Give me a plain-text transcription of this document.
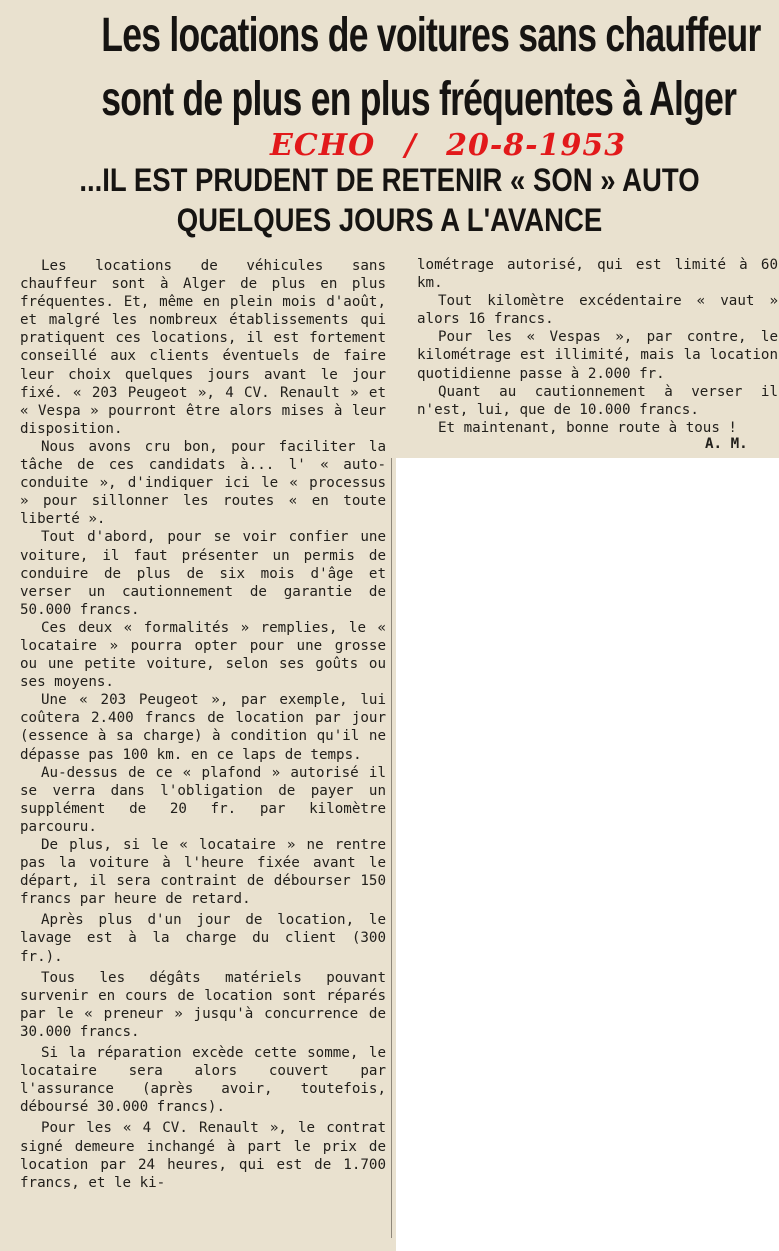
Les locations de voitures sans chauffeur
sont de plus en plus fréquentes à Alger
ECHO / 20-8-1953
...IL EST PRUDENT DE RETENIR « SON » AUTO
QUELQUES JOURS A L'AVANCE

Les locations de véhicules sans chauffeur sont à Alger de plus en plus fréquentes. Et, même en plein mois d'août, et malgré les nombreux établissements qui pratiquent ces locations, il est fortement conseillé aux clients éventuels de faire leur choix quelques jours avant le jour fixé. « 203 Peugeot », 4 CV. Renault » et « Vespa » pourront être alors mises à leur disposition.

Nous avons cru bon, pour faciliter la tâche de ces candidats à... l' « auto-conduite », d'indiquer ici le « processus » pour sillonner les routes « en toute liberté ».

Tout d'abord, pour se voir confier une voiture, il faut présenter un permis de conduire de plus de six mois d'âge et verser un cautionnement de garantie de 50.000 francs.

Ces deux « formalités » remplies, le « locataire » pourra opter pour une grosse ou une petite voiture, selon ses goûts ou ses moyens.

Une « 203 Peugeot », par exemple, lui coûtera 2.400 francs de location par jour (essence à sa charge) à condition qu'il ne dépasse pas 100 km. en ce laps de temps.

Au-dessus de ce « plafond » autorisé il se verra dans l'obligation de payer un supplément de 20 fr. par kilomètre parcouru.

De plus, si le « locataire » ne rentre pas la voiture à l'heure fixée avant le départ, il sera contraint de débourser 150 francs par heure de retard.

Après plus d'un jour de location, le lavage est à la charge du client (300 fr.).

Tous les dégâts matériels pouvant survenir en cours de location sont réparés par le « preneur » jusqu'à concurrence de 30.000 francs.

Si la réparation excède cette somme, le locataire sera alors couvert par l'assurance (après avoir, toutefois, déboursé 30.000 francs).

Pour les « 4 CV. Renault », le contrat signé demeure inchangé à part le prix de location par 24 heures, qui est de 1.700 francs, et le ki-

lométrage autorisé, qui est limité à 60 km.

Tout kilomètre excédentaire « vaut » alors 16 francs.

Pour les « Vespas », par contre, le kilométrage est illimité, mais la location quotidienne passe à 2.000 fr.

Quant au cautionnement à verser il n'est, lui, que de 10.000 francs.

Et maintenant, bonne route à tous !

A. M.
